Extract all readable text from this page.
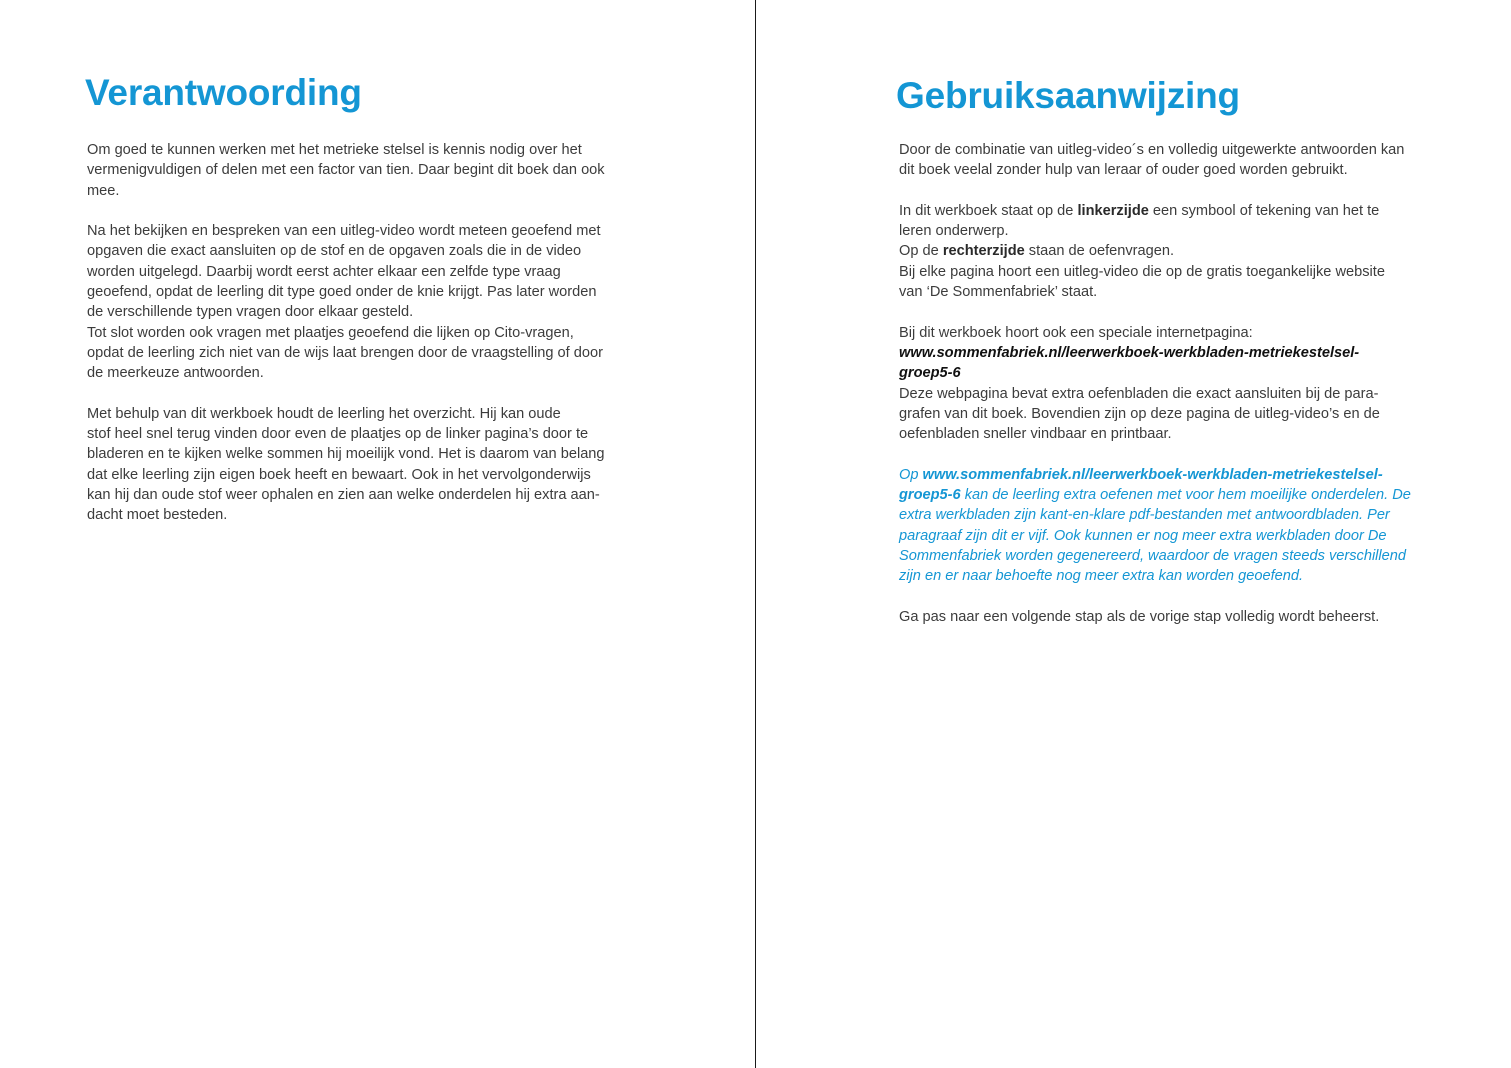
Verantwoording

Om goed te kunnen werken met het metrieke stelsel is kennis nodig over het
vermenigvuldigen of delen met een factor van tien. Daar begint dit boek dan ook
mee.

Na het bekijken en bespreken van een uitleg-video wordt meteen geoefend met
opgaven die exact aansluiten op de stof en de opgaven zoals die in de video
worden uitgelegd. Daarbij wordt eerst achter elkaar een zelfde type vraag
geoefend, opdat de leerling dit type goed onder de knie krijgt. Pas later worden
de verschillende typen vragen door elkaar gesteld.
Tot slot worden ook vragen met plaatjes geoefend die lijken op Cito-vragen,
opdat de leerling zich niet van de wijs laat brengen door de vraagstelling of door
de meerkeuze antwoorden.

Met behulp van dit werkboek houdt de leerling het overzicht. Hij kan oude
stof heel snel terug vinden door even de plaatjes op de linker pagina’s door te
bladeren en te kijken welke sommen hij moeilijk vond. Het is daarom van belang
dat elke leerling zijn eigen boek heeft en bewaart. Ook in het vervolgonderwijs
kan hij dan oude stof weer ophalen en zien aan welke onderdelen hij extra aan-
dacht moet besteden.

Gebruiksaanwijzing

Door de combinatie van uitleg-video´s en volledig uitgewerkte antwoorden kan
dit boek veelal zonder hulp van leraar of ouder goed worden gebruikt.

In dit werkboek staat op de linkerzijde een symbool of tekening van het te
leren onderwerp.
Op de rechterzijde staan de oefenvragen.
Bij elke pagina hoort een uitleg-video die op de gratis toegankelijke website
van ‘De Sommenfabriek’ staat.

Bij dit werkboek hoort ook een speciale internetpagina:
www.sommenfabriek.nl/leerwerkboek-werkbladen-metriekestelsel-
groep5-6
Deze webpagina bevat extra oefenbladen die exact aansluiten bij de para-
grafen van dit boek. Bovendien zijn op deze pagina de uitleg-video’s en de
oefenbladen sneller vindbaar en printbaar.

Op www.sommenfabriek.nl/leerwerkboek-werkbladen-metriekestelsel-
groep5-6 kan de leerling extra oefenen met voor hem moeilijke onderdelen. De
extra werkbladen zijn kant-en-klare pdf-bestanden met antwoordbladen. Per
paragraaf zijn dit er vijf. Ook kunnen er nog meer extra werkbladen door De
Sommenfabriek worden gegenereerd, waardoor de vragen steeds verschillend
zijn en er naar behoefte nog meer extra kan worden geoefend.

Ga pas naar een volgende stap als de vorige stap volledig wordt beheerst.
